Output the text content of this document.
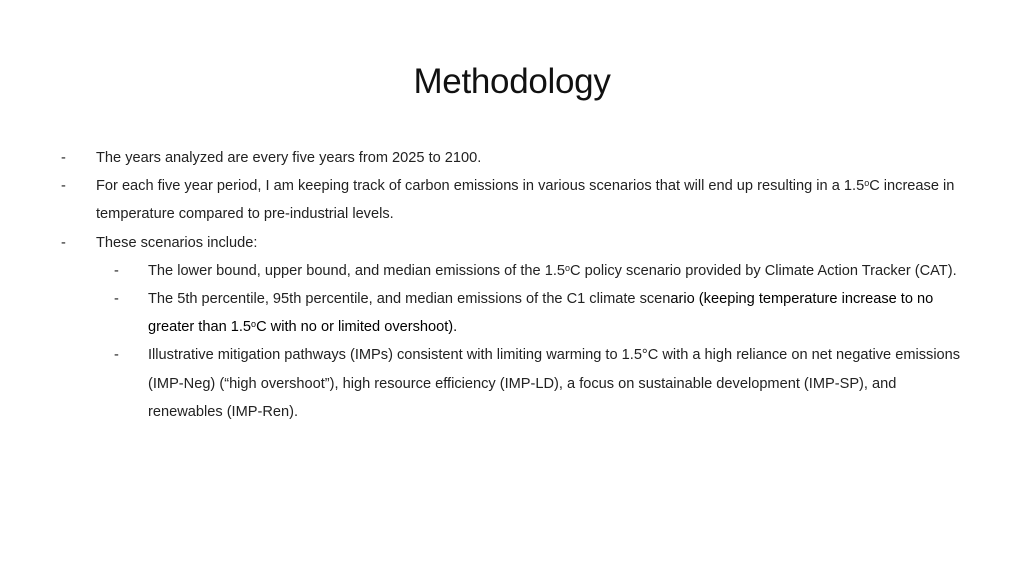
Methodology
- The years analyzed are every five years from 2025 to 2100.
- For each five year period, I am keeping track of carbon emissions in various scenarios that will end up resulting in a 1.5$^o$C increase in temperature compared to pre-industrial levels.
- These scenarios include:
- The lower bound, upper bound, and median emissions of the 1.5$^o$C policy scenario provided by Climate Action Tracker (CAT).
- The 5th percentile, 95th percentile, and median emissions of the C1 climate scenario (keeping temperature increase to no greater than 1.5$^o$C with no or limited overshoot).
- Illustrative mitigation pathways (IMPs) consistent with limiting warming to 1.5°C with a high reliance on net negative emissions (IMP-Neg) (“high overshoot”), high resource efficiency (IMP-LD), a focus on sustainable development (IMP-SP), and renewables (IMP-Ren).
